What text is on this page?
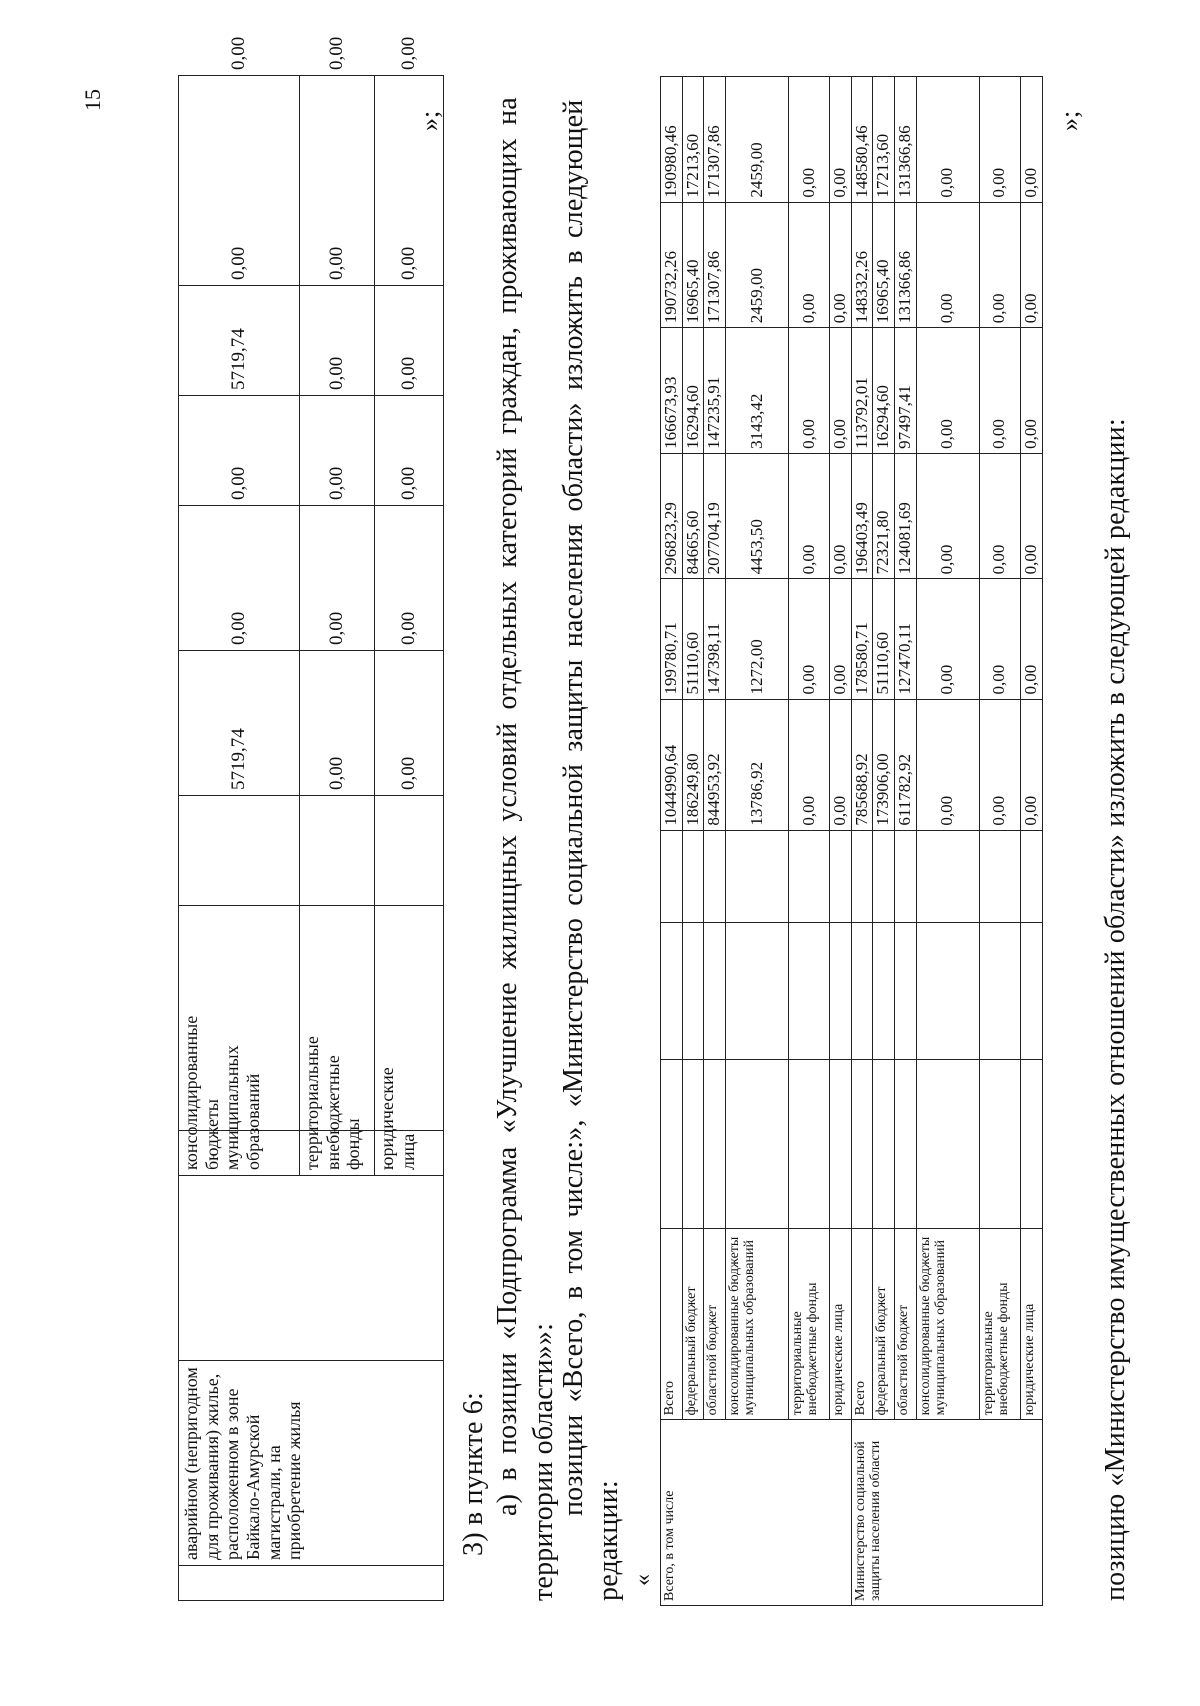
15
	аварийном (непригодном для проживания) жилье, расположенном в зоне Байкало-Амурской магистрали, на приобретение жилья		консолидированные бюджеты муниципальных образований			5719,74	0,00	0,00	5719,74	0,00	0,00
			территориальные внебюджетные фонды			0,00	0,00	0,00	0,00	0,00	0,00
			юридические лица			0,00	0,00	0,00	0,00	0,00	0,00
»;
3) в пункте 6: а) в позиции «Подпрограмма «Улучшение жилищных условий отдельных категорий граждан, проживающих на территории области»»: позиции «Всего, в том числе:», «Министерство социальной защиты населения области» изложить в следующей
редакции: « Всего, в том числе	Всего				1044990,64	199780,71	296823,29	166673,93	190732,26	190980,46
	федеральный бюджет				186249,80	51110,60	84665,60	16294,60	16965,40	17213,60
	областной бюджет				844953,92	147398,11	207704,19	147235,91	171307,86	171307,86
	консолидированные бюджеты муниципальных образований				13786,92	1272,00	4453,50	3143,42	2459,00	2459,00
	территориальные внебюджетные фонды				0,00	0,00	0,00	0,00	0,00	0,00
	юридические лица				0,00	0,00	0,00	0,00	0,00	0,00
Министерство социальной защиты населения области	Всего				785688,92	178580,71	196403,49	113792,01	148332,26	148580,46
	федеральный бюджет				173906,00	51110,60	72321,80	16294,60	16965,40	17213,60
	областной бюджет				611782,92	127470,11	124081,69	97497,41	131366,86	131366,86
	консолидированные бюджеты муниципальных образований				0,00	0,00	0,00	0,00	0,00	0,00
	территориальные внебюджетные фонды				0,00	0,00	0,00	0,00	0,00	0,00
	юридические лица				0,00	0,00	0,00	0,00	0,00	0,00
»;
позицию «Министерство имущественных отношений области» изложить в следующей редакции:
